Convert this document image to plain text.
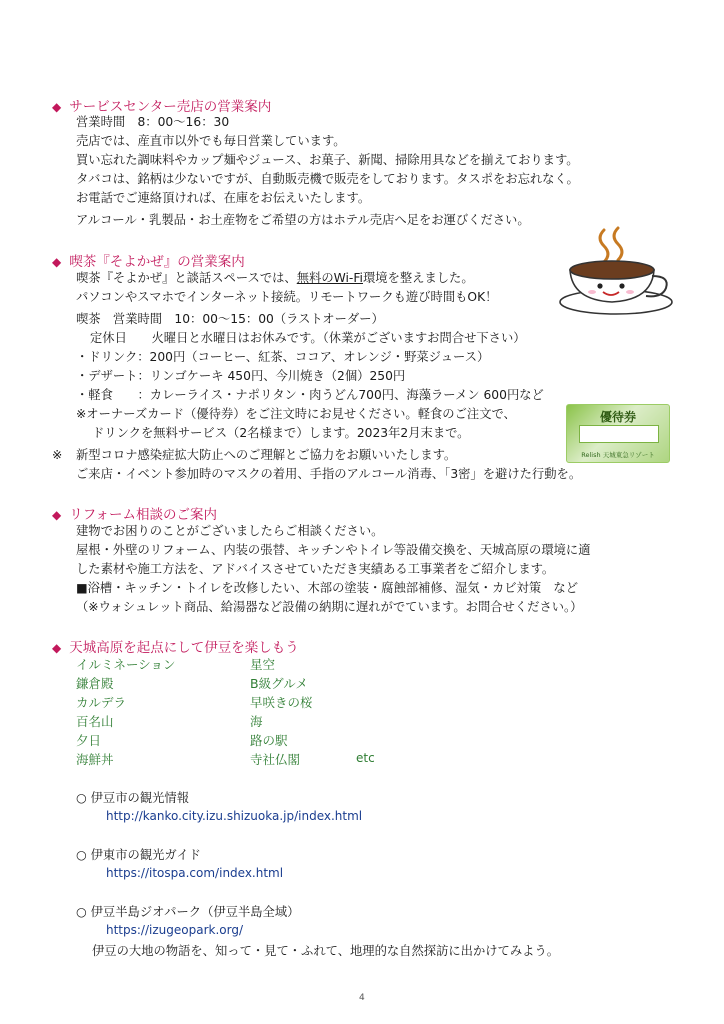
◆ サービスセンター売店の営業案内
営業時間　8：00〜16：30
売店では、産直市以外でも毎日営業しています。
買い忘れた調味料やカップ麺やジュース、お菓子、新聞、掃除用具などを揃えております。
タバコは、銘柄は少ないですが、自動販売機で販売をしております。タスポをお忘れなく。
お電話でご連絡頂ければ、在庫をお伝えいたします。
アルコール・乳製品・お土産物をご希望の方はホテル売店へ足をお運びください。
◆ 喫茶『そよかぜ』の営業案内
喫茶『そよかぜ』と談話スペースでは、無料のWi-Fi環境を整えました。
パソコンやスマホでインターネット接続。リモートワークも遊び時間もOK！
喫茶　営業時間　10：00〜15：00（ラストオーダー）
定休日　　火曜日と水曜日はお休みです。（休業がございますお問合せ下さい）
・ドリンク：200円（コーヒー、紅茶、ココア、オレンジ・野菜ジュース）
・デザート：リンゴケーキ 450円、今川焼き（2個）250円
・軽食　　：カレーライス・ナポリタン・肉うどん700円、海藻ラーメン 600円など
※オーナーズカード（優待券）をご注文時にお見せください。軽食のご注文で、
ドリンクを無料サービス（2名様まで）します。2023年2月末まで。
※ 新型コロナ感染症拡大防止へのご理解とご協力をお願いいたします。
ご来店・イベント参加時のマスクの着用、手指のアルコール消毒、「3密」を避けた行動を。
優待券
Relish 天城東急リゾート
◆ リフォーム相談のご案内
建物でお困りのことがございましたらご相談ください。
屋根・外壁のリフォーム、内装の張替、キッチンやトイレ等設備交換を、天城高原の環境に適
した素材や施工方法を、アドバイスさせていただき実績ある工事業者をご紹介します。
■浴槽・キッチン・トイレを改修したい、木部の塗装・腐蝕部補修、湿気・カビ対策　など
（※ウォシュレット商品、給湯器など設備の納期に遅れがでています。お問合せください。）
◆ 天城高原を起点にして伊豆を楽しもう
イルミネーション
鎌倉殿
カルデラ
百名山
夕日
海鮮丼
星空
B級グルメ
早咲きの桜
海
路の駅
寺社仏閣	etc
○ 伊豆市の観光情報
http://kanko.city.izu.shizuoka.jp/index.html
○ 伊東市の観光ガイド
https://itospa.com/index.html
○ 伊豆半島ジオパーク（伊豆半島全域）
https://izugeopark.org/
伊豆の大地の物語を、知って・見て・ふれて、地理的な自然探訪に出かけてみよう。
4
